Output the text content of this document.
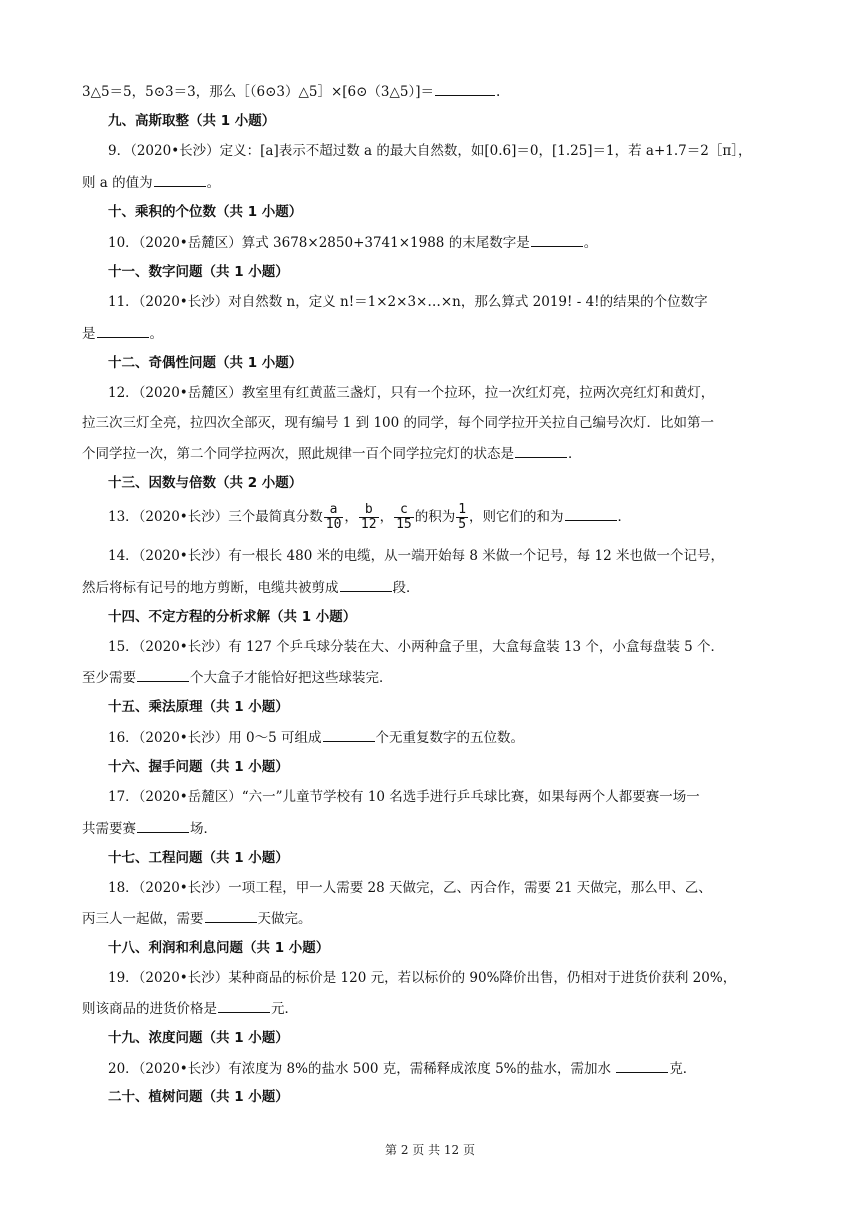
3△5＝5，5⊙3＝3，那么［（6⊙3）△5］×[6⊙（3△5）]＝	.
九、高斯取整（共 1 小题）
9．（2020•长沙）定义：[a]表示不超过数 a 的最大自然数，如[0.6]＝0，[1.25]＝1，若 a+1.7＝2［π］，
则 a 的值为	。
十、乘积的个位数（共 1 小题）
10．（2020•岳麓区）算式 3678×2850+3741×1988 的末尾数字是	。
十一、数字问题（共 1 小题）
11．（2020•长沙）对自然数 n，定义 n!＝1×2×3×…×n，那么算式 2019! - 4!的结果的个位数字
是	。
十二、奇偶性问题（共 1 小题）
12．（2020•岳麓区）教室里有红黄蓝三盏灯，只有一个拉环，拉一次红灯亮，拉两次亮红灯和黄灯，
拉三次三灯全亮，拉四次全部灭，现有编号 1 到 100 的同学，每个同学拉开关拉自己编号次灯．比如第一
个同学拉一次，第二个同学拉两次，照此规律一百个同学拉完灯的状态是	．
十三、因数与倍数（共 2 小题）
13．（2020•长沙）三个最简真分数 $\frac{a}{10}$ ， $\frac{b}{12}$ ， $\frac{c}{15}$ 的积为 $\frac{1}{5}$ ，则它们的和为	．
14．（2020•长沙）有一根长 480 米的电缆，从一端开始每 8 米做一个记号，每 12 米也做一个记号，
然后将标有记号的地方剪断，电缆共被剪成	段．
十四、不定方程的分析求解（共 1 小题）
15．（2020•长沙）有 127 个乒乓球分装在大、小两种盒子里，大盒每盒装 13 个，小盒每盘装 5 个．
至少需要	个大盒子才能恰好把这些球装完．
十五、乘法原理（共 1 小题）
16．（2020•长沙）用 0～5 可组成	个无重复数字的五位数。
十六、握手问题（共 1 小题）
17．（2020•岳麓区）“六一”儿童节学校有 10 名选手进行乒乓球比赛，如果每两个人都要赛一场一
共需要赛	场．
十七、工程问题（共 1 小题）
18．（2020•长沙）一项工程，甲一人需要 28 天做完，乙、丙合作，需要 21 天做完，那么甲、乙、
丙三人一起做，需要	天做完。
十八、利润和利息问题（共 1 小题）
19．（2020•长沙）某种商品的标价是 120 元，若以标价的 90%降价出售，仍相对于进货价获利 20%，
则该商品的进货价格是	元．
十九、浓度问题（共 1 小题）
20．（2020•长沙）有浓度为 8%的盐水 500 克，需稀释成浓度 5%的盐水，需加水	克．
二十、植树问题（共 1 小题）
第 2 页 共 12 页
